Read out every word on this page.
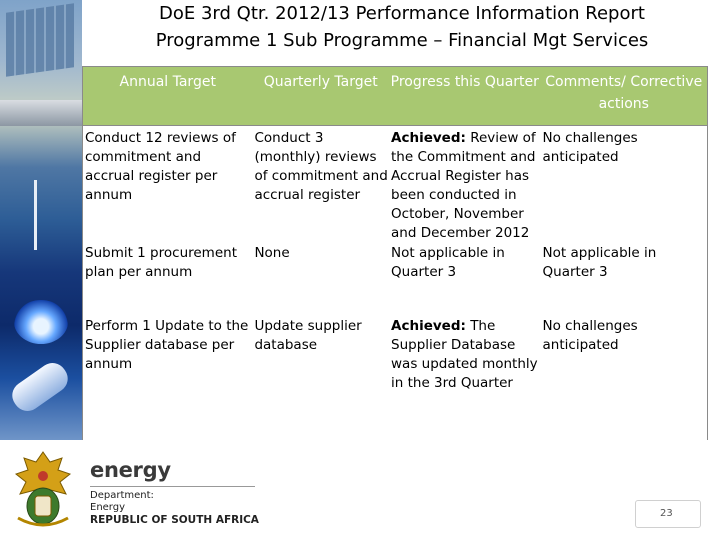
DoE 3rd Qtr. 2012/13 Performance Information Report
Programme 1 Sub Programme – Financial Mgt Services
Annual Target	Quarterly Target Progress this Quarter Comments/ Corrective actions
Conduct 12 reviews of commitment and accrual register per annum
Conduct 3 (monthly) reviews of commitment and accrual register
Achieved: Review of the Commitment and Accrual Register has been conducted in October, November and December 2012
No challenges anticipated
Submit 1 procurement plan per annum
None	Not applicable in Quarter 3
Not applicable in Quarter 3
Perform 1 Update to the Supplier database per annum
Update supplier database
Achieved: The Supplier Database was updated monthly in the 3rd Quarter
No challenges anticipated
energy
Department:
Energy
REPUBLIC OF SOUTH AFRICA
23
